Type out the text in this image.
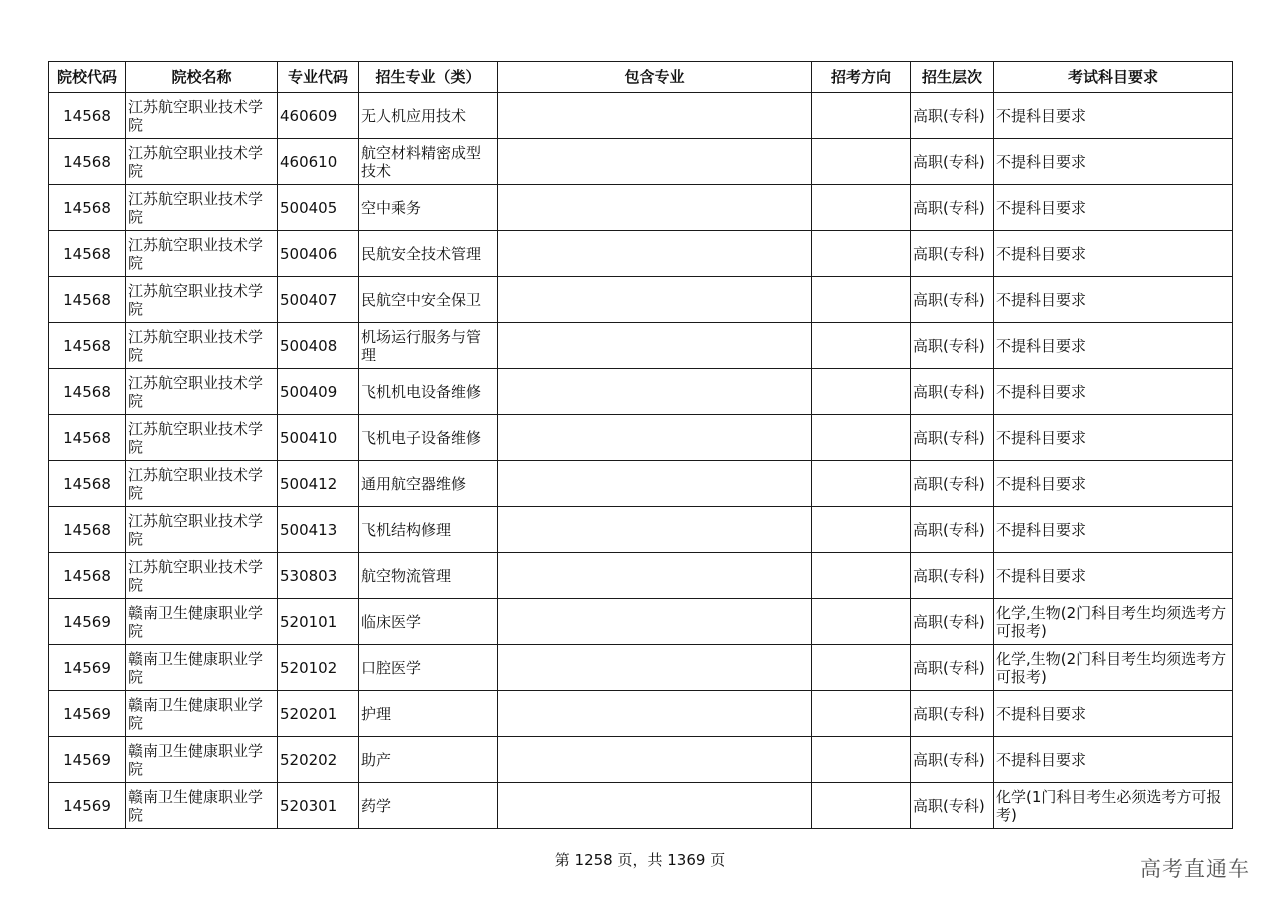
院校代码	院校名称	专业代码	招生专业（类）	包含专业	招考方向	招生层次	考试科目要求
14568	江苏航空职业技术学院	460609	无人机应用技术			高职(专科)	不提科目要求
14568	江苏航空职业技术学院	460610	航空材料精密成型技术			高职(专科)	不提科目要求
14568	江苏航空职业技术学院	500405	空中乘务			高职(专科)	不提科目要求
14568	江苏航空职业技术学院	500406	民航安全技术管理			高职(专科)	不提科目要求
14568	江苏航空职业技术学院	500407	民航空中安全保卫			高职(专科)	不提科目要求
14568	江苏航空职业技术学院	500408	机场运行服务与管理			高职(专科)	不提科目要求
14568	江苏航空职业技术学院	500409	飞机机电设备维修			高职(专科)	不提科目要求
14568	江苏航空职业技术学院	500410	飞机电子设备维修			高职(专科)	不提科目要求
14568	江苏航空职业技术学院	500412	通用航空器维修			高职(专科)	不提科目要求
14568	江苏航空职业技术学院	500413	飞机结构修理			高职(专科)	不提科目要求
14568	江苏航空职业技术学院	530803	航空物流管理			高职(专科)	不提科目要求
14569	赣南卫生健康职业学院	520101	临床医学			高职(专科)	化学,生物(2门科目考生均须选考方可报考)
14569	赣南卫生健康职业学院	520102	口腔医学			高职(专科)	化学,生物(2门科目考生均须选考方可报考)
14569	赣南卫生健康职业学院	520201	护理			高职(专科)	不提科目要求
14569	赣南卫生健康职业学院	520202	助产			高职(专科)	不提科目要求
14569	赣南卫生健康职业学院	520301	药学			高职(专科)	化学(1门科目考生必须选考方可报考)
第 1258 页，共 1369 页	高考直通车
